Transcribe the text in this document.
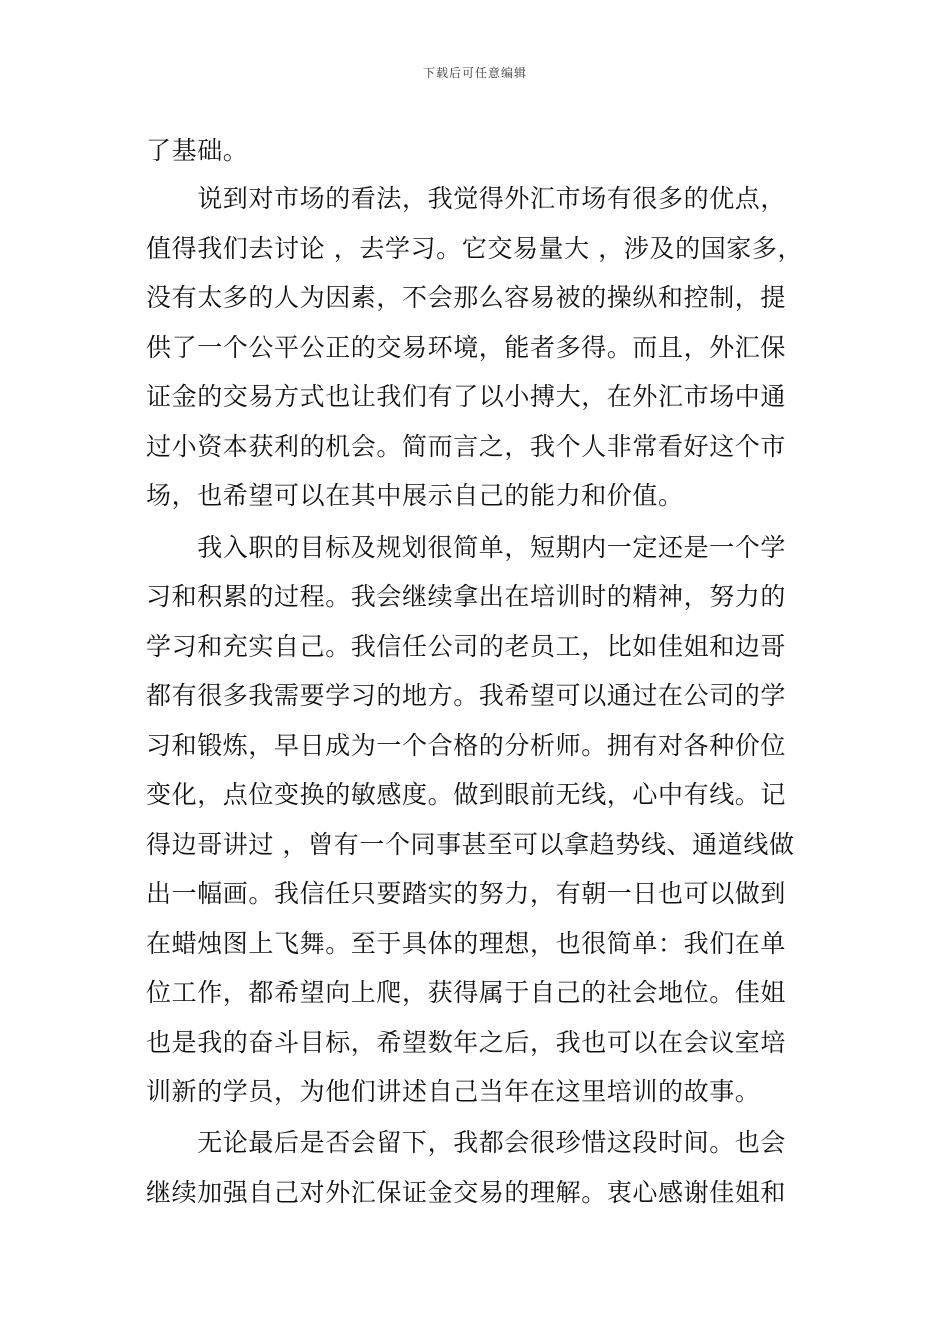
下载后可任意编辑
了基础。
　　说到对市场的看法，我觉得外汇市场有很多的优点，
值得我们去讨论 ，去学习。它交易量大 ，涉及的国家多，
没有太多的人为因素，不会那么容易被的操纵和控制，提
供了一个公平公正的交易环境，能者多得。而且，外汇保
证金的交易方式也让我们有了以小搏大，在外汇市场中通
过小资本获利的机会。简而言之，我个人非常看好这个市
场，也希望可以在其中展示自己的能力和价值。
　　我入职的目标及规划很简单，短期内一定还是一个学
习和积累的过程。我会继续拿出在培训时的精神，努力的
学习和充实自己。我信任公司的老员工，比如佳姐和边哥
都有很多我需要学习的地方。我希望可以通过在公司的学
习和锻炼，早日成为一个合格的分析师。拥有对各种价位
变化，点位变换的敏感度。做到眼前无线，心中有线。记
得边哥讲过 ，曾有一个同事甚至可以拿趋势线、通道线做
出一幅画。我信任只要踏实的努力，有朝一日也可以做到
在蜡烛图上飞舞。至于具体的理想，也很简单：我们在单
位工作，都希望向上爬，获得属于自己的社会地位。佳姐
也是我的奋斗目标，希望数年之后，我也可以在会议室培
训新的学员，为他们讲述自己当年在这里培训的故事。
　　无论最后是否会留下，我都会很珍惜这段时间。也会
继续加强自己对外汇保证金交易的理解。衷心感谢佳姐和
